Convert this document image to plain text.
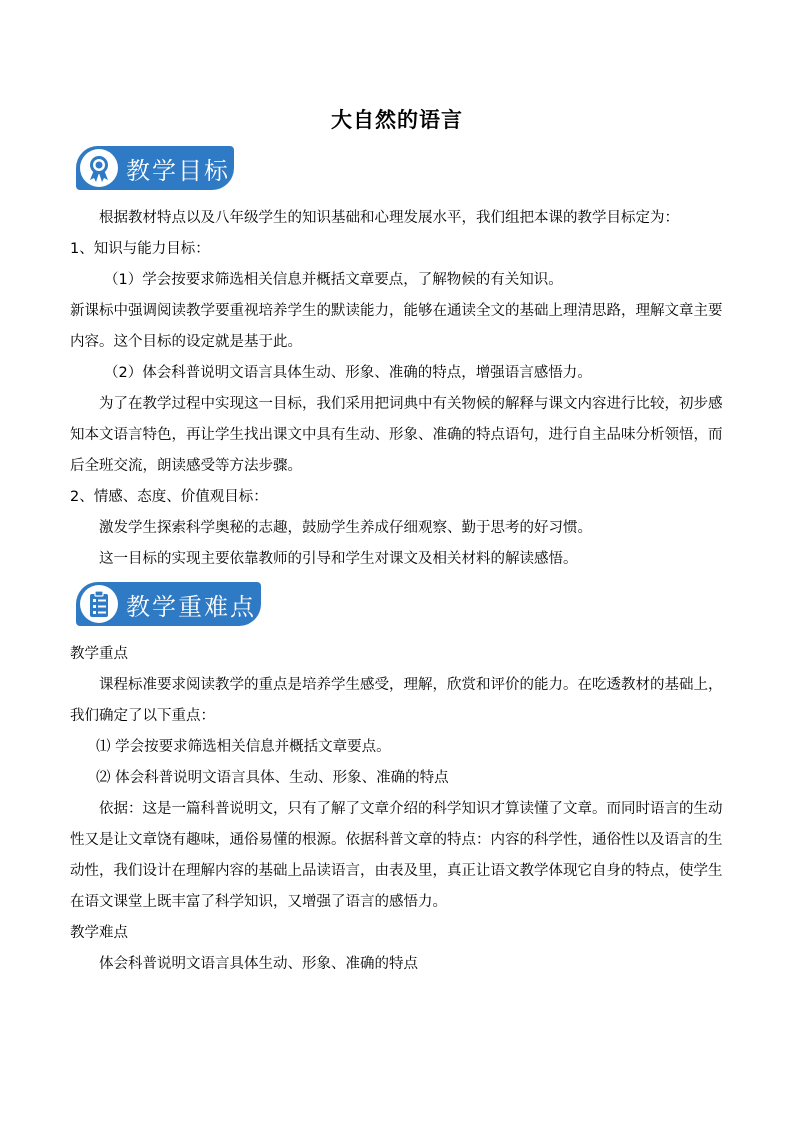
大自然的语言
教学目标

根据教材特点以及八年级学生的知识基础和心理发展水平，我们组把本课的教学目标定为：

1、知识与能力目标：

（1）学会按要求筛选相关信息并概括文章要点，了解物候的有关知识。

新课标中强调阅读教学要重视培养学生的默读能力，能够在通读全文的基础上理清思路，理解文章主要内容。这个目标的设定就是基于此。

（2）体会科普说明文语言具体生动、形象、准确的特点，增强语言感悟力。

为了在教学过程中实现这一目标，我们采用把词典中有关物候的解释与课文内容进行比较，初步感知本文语言特色，再让学生找出课文中具有生动、形象、准确的特点语句，进行自主品味分析领悟，而后全班交流，朗读感受等方法步骤。

2、情感、态度、价值观目标：

激发学生探索科学奥秘的志趣，鼓励学生养成仔细观察、勤于思考的好习惯。

这一目标的实现主要依靠教师的引导和学生对课文及相关材料的解读感悟。

教学重难点

教学重点

课程标准要求阅读教学的重点是培养学生感受，理解，欣赏和评价的能力。在吃透教材的基础上，我们确定了以下重点：

⑴ 学会按要求筛选相关信息并概括文章要点。

⑵ 体会科普说明文语言具体、生动、形象、准确的特点

依据：这是一篇科普说明文，只有了解了文章介绍的科学知识才算读懂了文章。而同时语言的生动性又是让文章饶有趣味，通俗易懂的根源。依据科普文章的特点：内容的科学性，通俗性以及语言的生动性，我们设计在理解内容的基础上品读语言，由表及里，真正让语文教学体现它自身的特点，使学生在语文课堂上既丰富了科学知识，又增强了语言的感悟力。

教学难点

体会科普说明文语言具体生动、形象、准确的特点
